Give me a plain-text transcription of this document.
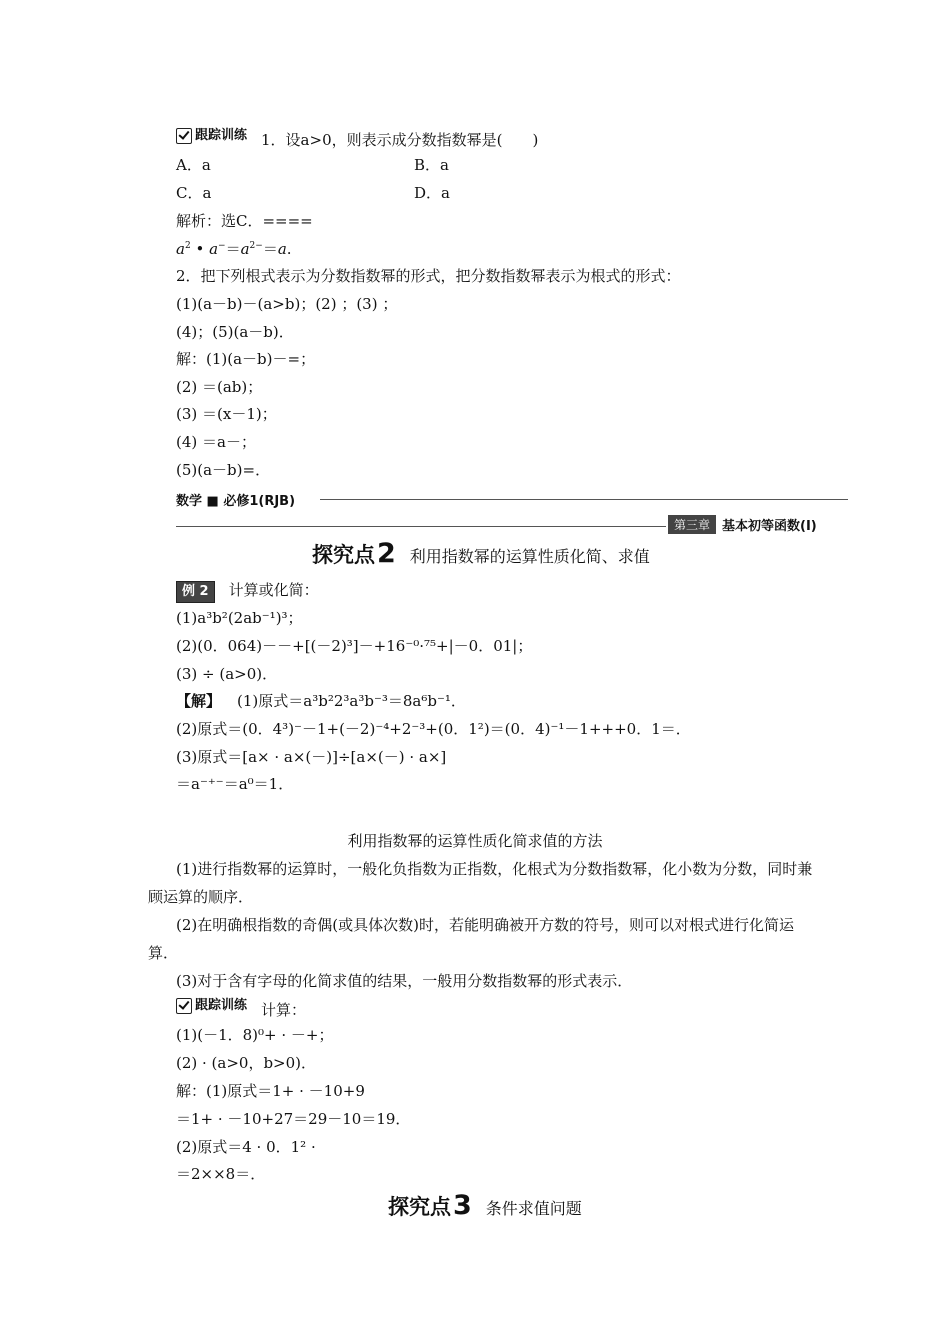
跟踪训练 1．设a>0，则表示成分数指数幂是(　　)
A．a	B．a
C．a	D．a
解析：选C．====
$a^2$ • $a^-=a^{2-}=a$.
2．把下列根式表示为分数指数幂的形式，把分数指数幂表示为根式的形式：
(1)(a－b)－(a>b)；(2) ；(3) ；
(4)；(5)(a－b)．
解：(1)(a－b)－=；
(2) ＝(ab)；
(3) ＝(x－1)；
(4) ＝a－；
(5)(a－b)=．
数学 ■ 必修1(RJB)
第三章 基本初等函数(Ⅰ)
探究点 2 利用指数幂的运算性质化简、求值
例 2 计算或化简：
(1)a³b²(2ab⁻¹)³；
(2)(0．064)－－+[(－2)³]－+16⁻⁰·⁷⁵+|－0．01|；
(3) ÷ (a>0)．
【解】 (1)原式＝a³b²2³a³b⁻³＝8a⁶b⁻¹．
(2)原式＝(0．4³)⁻－1+(－2)⁻⁴+2⁻³+(0．1²)＝(0．4)⁻¹－1+++0．1＝．
(3)原式＝[a× · a×(－)]÷[a×(－) · a×]
＝a⁻⁺⁻＝a⁰＝1．
利用指数幂的运算性质化简求值的方法
(1)进行指数幂的运算时，一般化负指数为正指数，化根式为分数指数幂，化小数为分数，同时兼顾运算的顺序．
(2)在明确根指数的奇偶(或具体次数)时，若能明确被开方数的符号，则可以对根式进行化简运算．
(3)对于含有字母的化简求值的结果，一般用分数指数幂的形式表示．
跟踪训练 计算：
(1)(－1．8)⁰+ · －+；
(2) · (a>0，b>0)．
解：(1)原式＝1+ · －10+9
＝1+ · －10+27＝29－10＝19．
(2)原式＝4 · 0．1² ·
＝2××8＝．
探究点 3 条件求值问题
